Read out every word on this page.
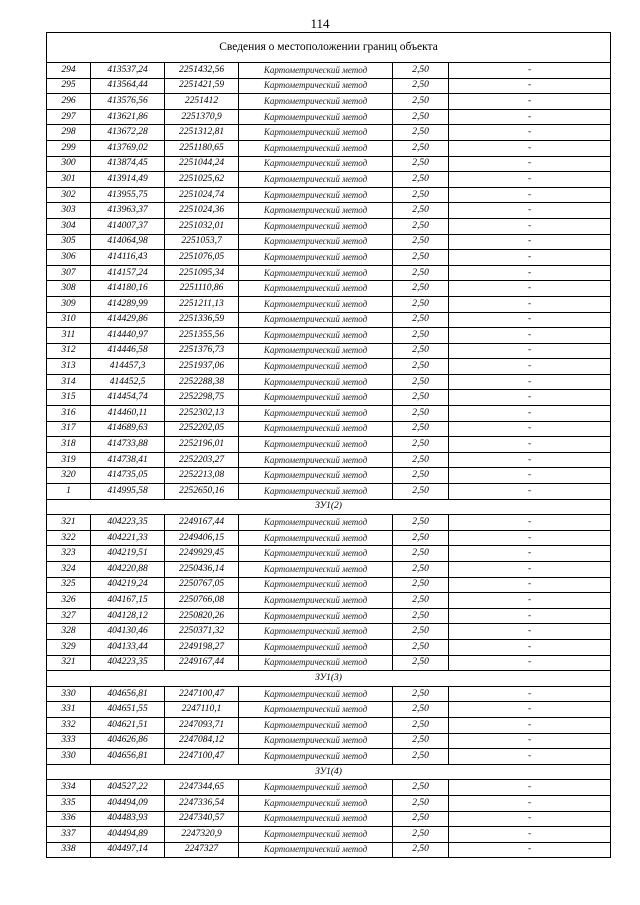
114
Сведения о местоположении границ объекта					
294	413537,24	2251432,56	Картометрический метод	2,50	-
295	413564,44	2251421,59	Картометрический метод	2,50	-
296	413576,56	2251412	Картометрический метод	2,50	-
297	413621,86	2251370,9	Картометрический метод	2,50	-
298	413672,28	2251312,81	Картометрический метод	2,50	-
299	413769,02	2251180,65	Картометрический метод	2,50	-
300	413874,45	2251044,24	Картометрический метод	2,50	-
301	413914,49	2251025,62	Картометрический метод	2,50	-
302	413955,75	2251024,74	Картометрический метод	2,50	-
303	413963,37	2251024,36	Картометрический метод	2,50	-
304	414007,37	2251032,01	Картометрический метод	2,50	-
305	414064,98	2251053,7	Картометрический метод	2,50	-
306	414116,43	2251076,05	Картометрический метод	2,50	-
307	414157,24	2251095,34	Картометрический метод	2,50	-
308	414180,16	2251110,86	Картометрический метод	2,50	-
309	414289,99	2251211,13	Картометрический метод	2,50	-
310	414429,86	2251336,59	Картометрический метод	2,50	-
311	414440,97	2251355,56	Картометрический метод	2,50	-
312	414446,58	2251376,73	Картометрический метод	2,50	-
313	414457,3	2251937,06	Картометрический метод	2,50	-
314	414452,5	2252288,38	Картометрический метод	2,50	-
315	414454,74	2252298,75	Картометрический метод	2,50	-
316	414460,11	2252302,13	Картометрический метод	2,50	-
317	414689,63	2252202,05	Картометрический метод	2,50	-
318	414733,88	2252196,01	Картометрический метод	2,50	-
319	414738,41	2252203,27	Картометрический метод	2,50	-
320	414735,05	2252213,08	Картометрический метод	2,50	-
1	414995,58	2252650,16	Картометрический метод	2,50	-
ЗУ1(2)					
321	404223,35	2249167,44	Картометрический метод	2,50	-
322	404221,33	2249406,15	Картометрический метод	2,50	-
323	404219,51	2249929,45	Картометрический метод	2,50	-
324	404220,88	2250436,14	Картометрический метод	2,50	-
325	404219,24	2250767,05	Картометрический метод	2,50	-
326	404167,15	2250766,08	Картометрический метод	2,50	-
327	404128,12	2250820,26	Картометрический метод	2,50	-
328	404130,46	2250371,32	Картометрический метод	2,50	-
329	404133,44	2249198,27	Картометрический метод	2,50	-
321	404223,35	2249167,44	Картометрический метод	2,50	-
ЗУ1(3)					
330	404656,81	2247100,47	Картометрический метод	2,50	-
331	404651,55	2247110,1	Картометрический метод	2,50	-
332	404621,51	2247093,71	Картометрический метод	2,50	-
333	404626,86	2247084,12	Картометрический метод	2,50	-
330	404656,81	2247100,47	Картометрический метод	2,50	-
ЗУ1(4)					
334	404527,22	2247344,65	Картометрический метод	2,50	-
335	404494,09	2247336,54	Картометрический метод	2,50	-
336	404483,93	2247340,57	Картометрический метод	2,50	-
337	404494,89	2247320,9	Картометрический метод	2,50	-
338	404497,14	2247327	Картометрический метод	2,50	-
